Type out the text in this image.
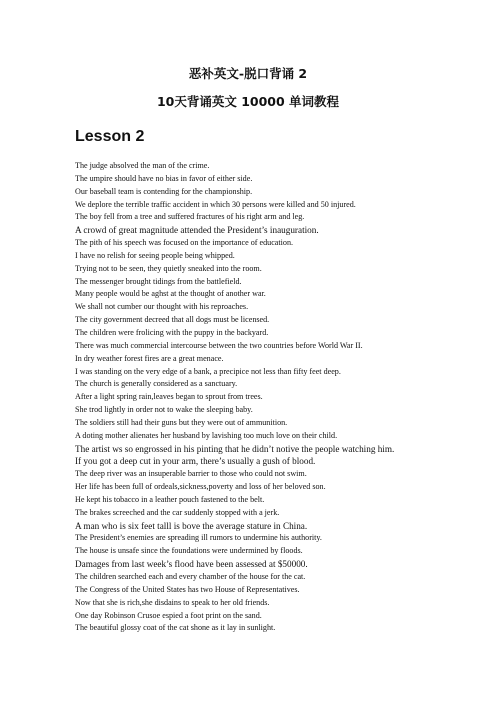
恶补英文-脱口背诵 2
10天背诵英文 10000 单词教程
Lesson 2
The judge absolved the man of the crime.
The umpire should have no bias in favor of either side.
Our baseball team is contending for the championship.
We deplore the terrible traffic accident in which 30 persons were killed and 50 injured.
The boy fell from a tree and suffered fractures of his right arm and leg.
A crowd of great magnitude attended the President’s inauguration.
The pith of his speech was focused on the importance of education.
I have no relish for seeing people being whipped.
Trying not to be seen, they quietly sneaked into the room.
The messenger brought tidings from the battlefield.
Many people would be aghst at the thought of another war.
We shall not cumber our thought with his reproaches.
The city government decreed that all dogs must be licensed.
The children were frolicing with the puppy in the backyard.
There was much commercial intercourse between the two countries before World War II.
In dry weather forest fires are a great menace.
I was standing on the very edge of a bank, a precipice not less than fifty feet deep.
The church is generally considered as a sanctuary.
After a light spring rain,leaves began to sprout from trees.
She trod lightly in order not to wake the sleeping baby.
The soldiers still had their guns but they were out of ammunition.
A doting mother alienates her husband by lavishing too much love on their child.
The artist ws so engrossed in his pinting that he didn’t notive the people watching him.
If you got a deep cut in your arm, there’s usually a gush of blood.
The deep river was an insuperable barrier to those who could not swim.
Her life has been full of ordeals,sickness,poverty and loss of her beloved son.
He kept his tobacco in a leather pouch fastened to the belt.
The brakes screeched and the car suddenly stopped with a jerk.
A man who is six feet talll is bove the average stature in China.
The President’s enemies are spreading ill rumors to undermine his authority.
The house is unsafe since the foundations were undermined by floods.
Damages from last week’s flood have been assessed at $50000.
The children searched each and every chamber of the house for the cat.
The Congress of the United States has two House of Representatives.
Now that she is rich,she disdains to speak to her old friends.
One day Robinson Crusoe espied a foot print on the sand.
The beautiful glossy coat of the cat shone as it lay in sunlight.
